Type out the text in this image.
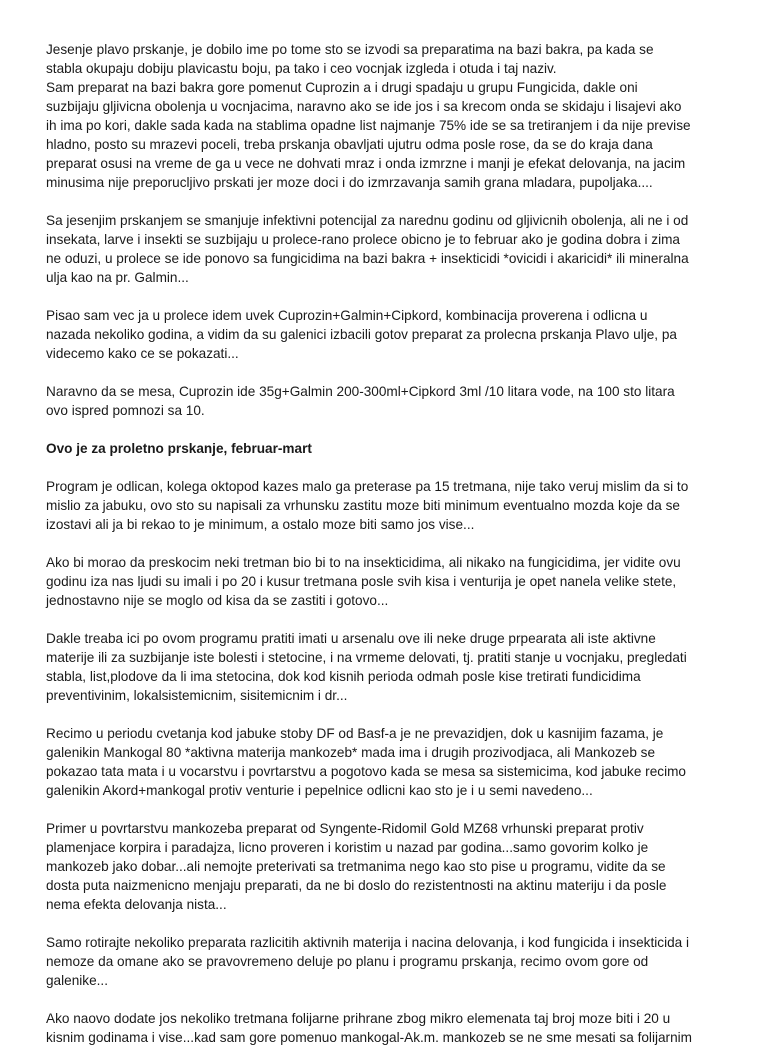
Jesenje plavo prskanje, je dobilo ime po tome sto se izvodi sa preparatima na bazi bakra, pa kada se
stabla okupaju dobiju plavicastu boju, pa tako i ceo vocnjak izgleda i otuda i taj naziv.
Sam preparat na bazi bakra gore pomenut Cuprozin a i drugi spadaju u grupu Fungicida, dakle oni
suzbijaju gljivicna obolenja u vocnjacima, naravno ako se ide jos i sa krecom onda se skidaju i lisajevi ako
ih ima po kori, dakle sada kada na stablima opadne list najmanje 75% ide se sa tretiranjem i da nije previse
hladno, posto su mrazevi poceli, treba prskanja obavljati ujutru odma posle rose, da se do kraja dana
preparat osusi na vreme de ga u vece ne dohvati mraz i onda izmrzne i manji je efekat delovanja, na jacim
minusima nije preporucljivo prskati jer moze doci i do izmrzavanja samih grana mladara, pupoljaka....
Sa jesenjim prskanjem se smanjuje infektivni potencijal za narednu godinu od gljivicnih obolenja, ali ne i od
insekata, larve i insekti se suzbijaju u prolece-rano prolece obicno je to februar ako je godina dobra i zima
ne oduzi, u prolece se ide ponovo sa fungicidima na bazi bakra + insekticidi *ovicidi i akaricidi* ili mineralna
ulja kao na pr. Galmin...
Pisao sam vec ja u prolece idem uvek Cuprozin+Galmin+Cipkord, kombinacija proverena i odlicna u
nazada nekoliko godina, a vidim da su galenici izbacili gotov preparat za prolecna prskanja Plavo ulje, pa
videcemo kako ce se pokazati...
Naravno da se mesa, Cuprozin ide 35g+Galmin 200-300ml+Cipkord 3ml /10 litara vode, na 100 sto litara
ovo ispred pomnozi sa 10.
Ovo je za proletno prskanje, februar-mart
Program je odlican, kolega oktopod kazes malo ga preterase pa 15 tretmana, nije tako veruj mislim da si to
mislio za jabuku, ovo sto su napisali za vrhunsku zastitu moze biti minimum eventualno mozda koje da se
izostavi ali ja bi rekao to je minimum, a ostalo moze biti samo jos vise...
Ako bi morao da preskocim neki tretman bio bi to na insekticidima, ali nikako na fungicidima, jer vidite ovu
godinu iza nas ljudi su imali i po 20 i kusur tretmana posle svih kisa i venturija je opet nanela velike stete,
jednostavno nije se moglo od kisa da se zastiti i gotovo...
Dakle treaba ici po ovom programu pratiti imati u arsenalu ove ili neke druge prpearata ali iste aktivne
materije ili za suzbijanje iste bolesti i stetocine, i na vrmeme delovati, tj. pratiti stanje u vocnjaku, pregledati
stabla, list,plodove da li ima stetocina, dok kod kisnih perioda odmah posle kise tretirati fundicidima
preventivinim, lokalsistemicnim, sisitemicnim i dr...
Recimo u periodu cvetanja kod jabuke stoby DF od Basf-a je ne prevazidjen, dok u kasnijim fazama, je
galenikin Mankogal 80 *aktivna materija mankozeb* mada ima i drugih prozivodjaca, ali Mankozeb se
pokazao tata mata i u vocarstvu i povrtarstvu a pogotovo kada se mesa sa sistemicima, kod jabuke recimo
galenikin Akord+mankogal protiv venturie i pepelnice odlicni kao sto je i u semi navedeno...
Primer u povrtarstvu mankozeba preparat od Syngente-Ridomil Gold MZ68 vrhunski preparat protiv
plamenjace korpira i paradajza, licno proveren i koristim u nazad par godina...samo govorim kolko je
mankozeb jako dobar...ali nemojte preterivati sa tretmanima nego kao sto pise u programu, vidite da se
dosta puta naizmenicno menjaju preparati, da ne bi doslo do rezistentnosti na aktinu materiju i da posle
nema efekta delovanja nista...
Samo rotirajte nekoliko preparata razlicitih aktivnih materija i nacina delovanja, i kod fungicida i insekticida i
nemoze da omane ako se pravovremeno deluje po planu i programu prskanja, recimo ovom gore od
galenike...
Ako naovo dodate jos nekoliko tretmana folijarne prihrane zbog mikro elemenata taj broj moze biti i 20 u
kisnim godinama i vise...kad sam gore pomenuo mankogal-Ak.m. mankozeb se ne sme mesati sa folijarnim
